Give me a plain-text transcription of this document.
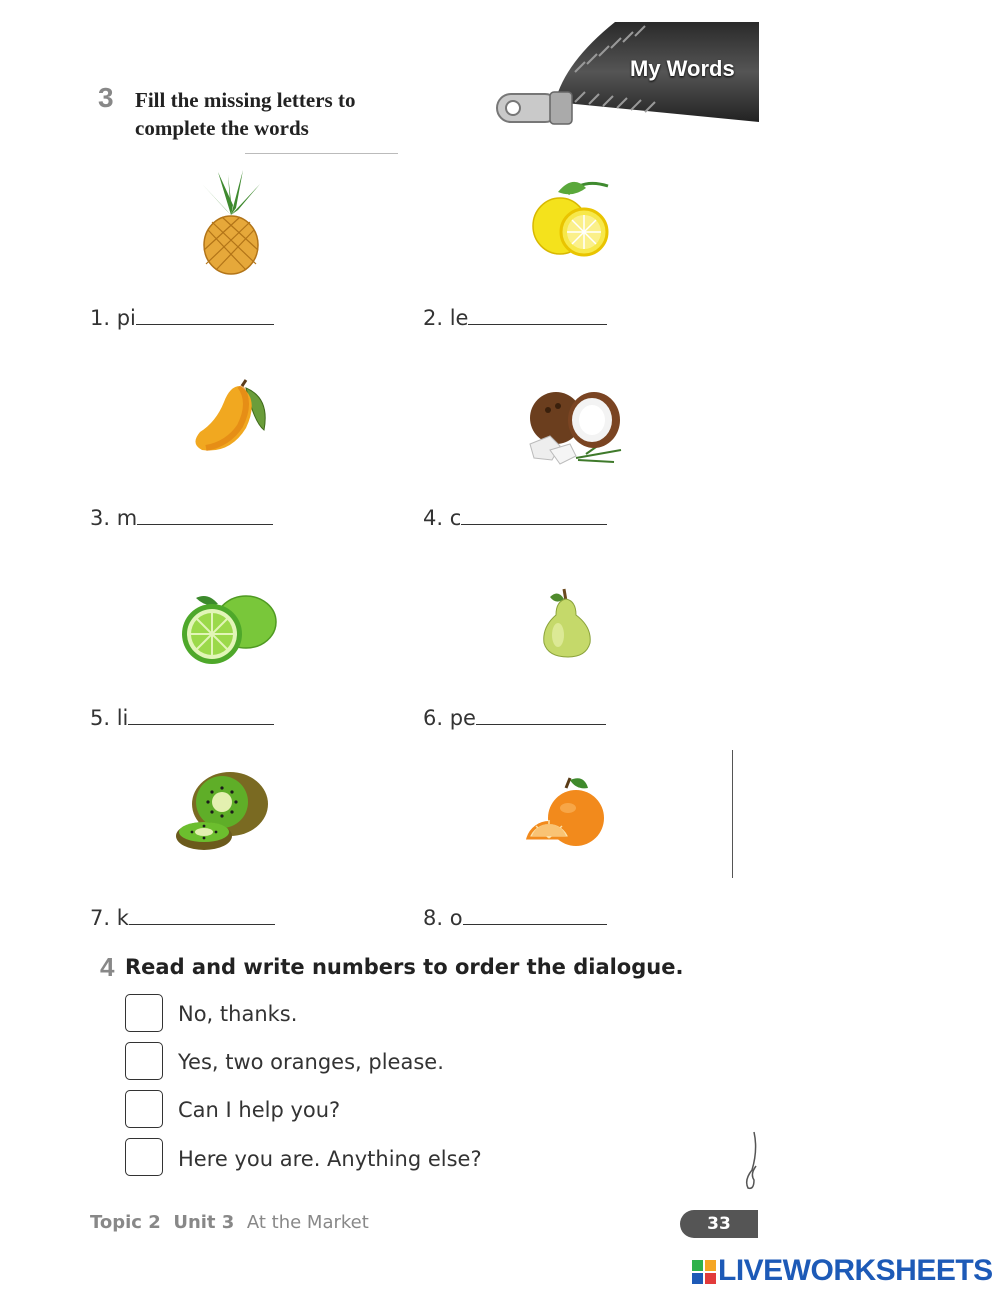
3 Fill the missing letters to
complete the words
My Words
1. pi	2. le
3. m	4. c
5. li	6. pe
7. k	8. o
4 Read and write numbers to order the dialogue.
No, thanks.
Yes, two oranges, please.
Can I help you?
Here you are. Anything else?
Topic 2 Unit 3 At the Market	33
LIVEWORKSHEETS
